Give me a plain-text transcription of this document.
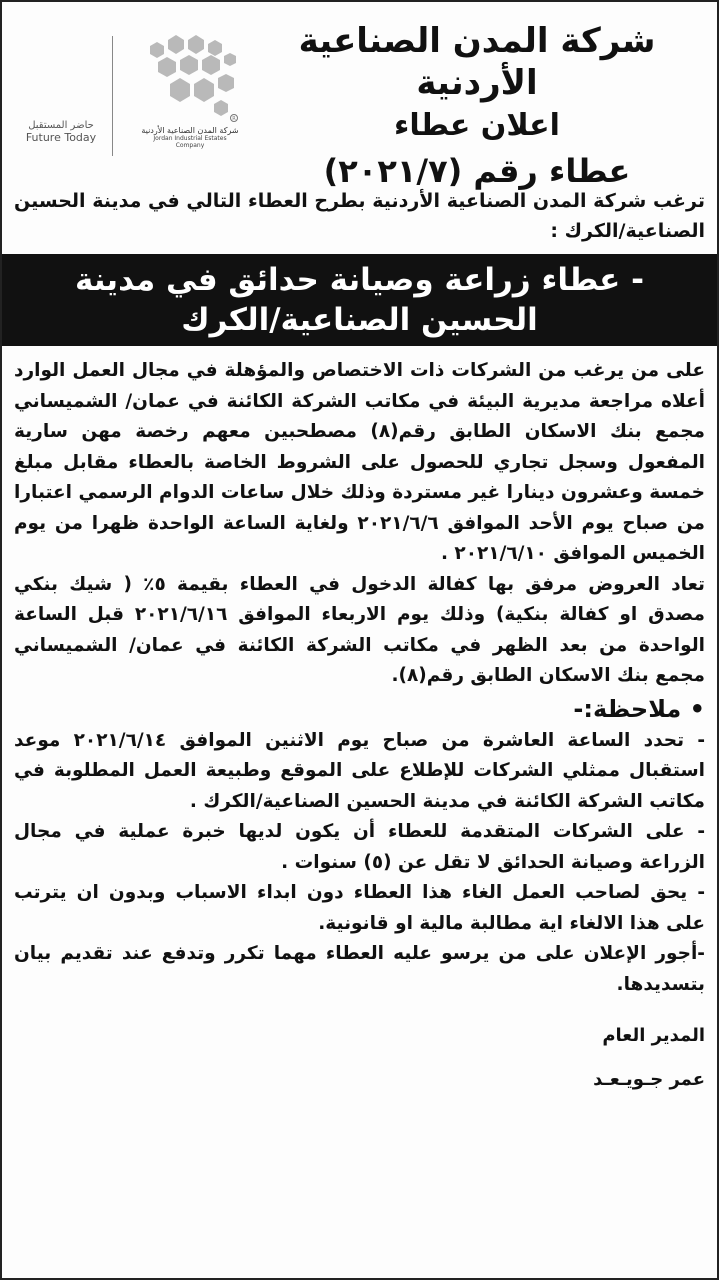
شركة المدن الصناعية الأردنية
اعلان عطاء
عطاء رقم (٢٠٢١/٧)
R
شركة المدن الصناعية الأردنية
Jordan Industrial Estates Company
حاضر المستقبل
Future Today
ترغب شركة المدن الصناعية الأردنية بطرح العطاء التالي في مدينة الحسين الصناعية/الكرك :
- عطاء زراعة وصيانة حدائق في مدينة الحسين الصناعية/الكرك

على من يرغب من الشركات ذات الاختصاص والمؤهلة في مجال العمل الوارد أعلاه مراجعة مديرية البيئة في مكاتب الشركة الكائنة في عمان/ الشميساني مجمع بنك الاسكان الطابق رقم(٨) مصطحبين معهم رخصة مهن سارية المفعول وسجل تجاري للحصول على الشروط الخاصة بالعطاء مقابل مبلغ خمسة وعشرون دينارا غير مستردة وذلك خلال ساعات الدوام الرسمي اعتبارا من صباح يوم الأحد الموافق ٢٠٢١/٦/٦ ولغاية الساعة الواحدة ظهرا من يوم الخميس الموافق ٢٠٢١/٦/١٠ .

تعاد العروض مرفق بها كفالة الدخول في العطاء بقيمة ٥٪ ( شيك بنكي مصدق او كفالة بنكية) وذلك يوم الاربعاء الموافق ٢٠٢١/٦/١٦ قبل الساعة الواحدة من بعد الظهر في مكاتب الشركة الكائنة في عمان/ الشميساني مجمع بنك الاسكان الطابق رقم(٨).

• ملاحظة:-

- تحدد الساعة العاشرة من صباح يوم الاثنين الموافق ٢٠٢١/٦/١٤ موعد استقبال ممثلي الشركات للإطلاع على الموقع وطبيعة العمل المطلوبة في مكاتب الشركة الكائنة في مدينة الحسين الصناعية/الكرك .

- على الشركات المتقدمة للعطاء أن يكون لديها خبرة عملية في مجال الزراعة وصيانة الحدائق لا تقل عن (٥) سنوات .

- يحق لصاحب العمل الغاء هذا العطاء دون ابداء الاسباب وبدون ان يترتب على هذا الالغاء اية مطالبة مالية او قانونية.

-أجور الإعلان على من يرسو عليه العطاء مهما تكرر وتدفع عند تقديم بيان بتسديدها.

المدير العام
عمر جـويـعـد
